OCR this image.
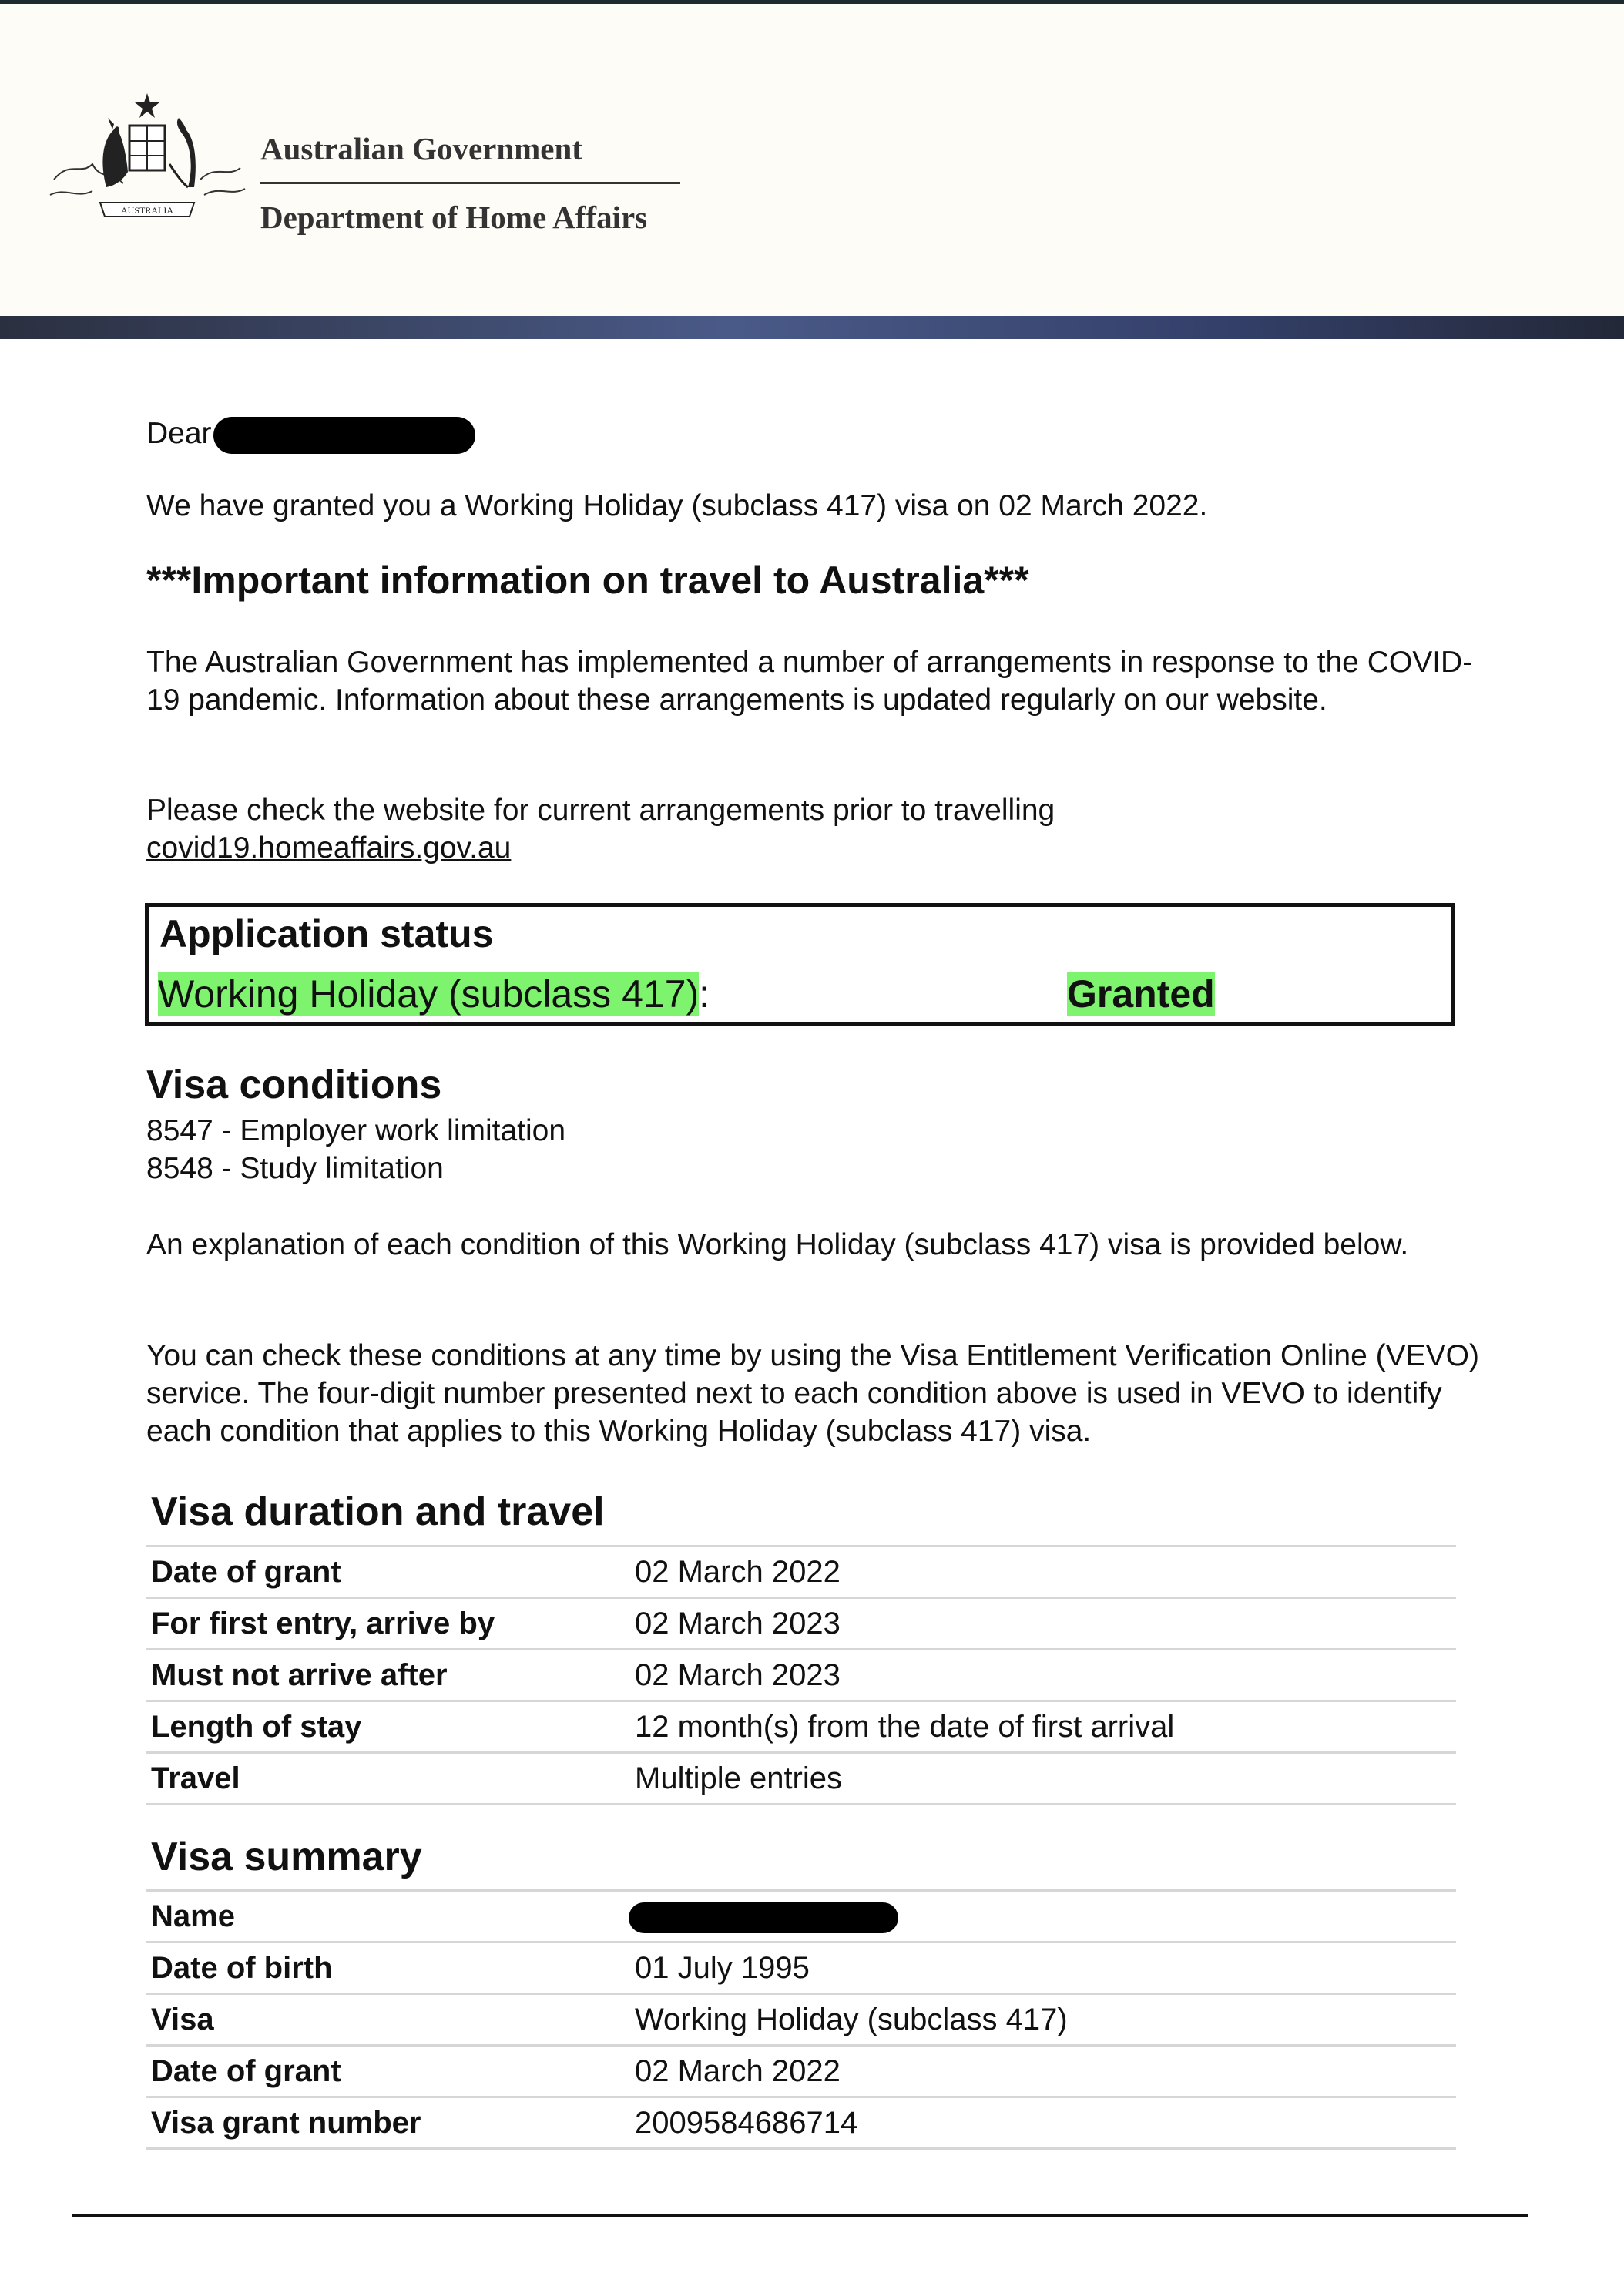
AUSTRALIA
Australian Government
Department of Home Affairs
Dear
We have granted you a Working Holiday (subclass 417) visa on 02 March 2022.
***Important information on travel to Australia***
The Australian Government has implemented a number of arrangements in response to the COVID-19 pandemic. Information about these arrangements is updated regularly on our website.
Please check the website for current arrangements prior to travelling
covid19.homeaffairs.gov.au
Application status
Working Holiday (subclass 417):	Granted
Visa conditions
8547 - Employer work limitation
8548 - Study limitation
An explanation of each condition of this Working Holiday (subclass 417) visa is provided below.
You can check these conditions at any time by using the Visa Entitlement Verification Online (VEVO) service. The four-digit number presented next to each condition above is used in VEVO to identify each condition that applies to this Working Holiday (subclass 417) visa.
Visa duration and travel
Date of grant	02 March 2022
For first entry, arrive by	02 March 2023
Must not arrive after	02 March 2023
Length of stay	12 month(s) from the date of first arrival
Travel	Multiple entries
Visa summary
Name
Date of birth	01 July 1995
Visa	Working Holiday (subclass 417)
Date of grant	02 March 2022
Visa grant number	2009584686714
